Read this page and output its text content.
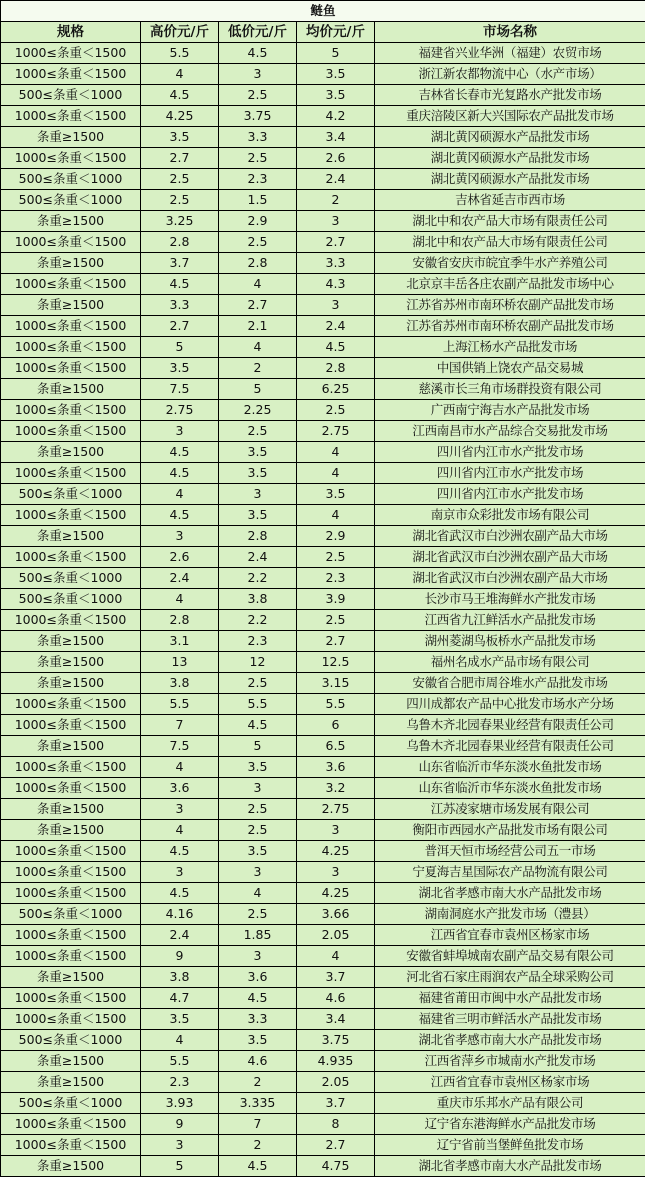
鲢鱼				
规格	高价元/斤	低价元/斤	均价元/斤	市场名称
1000≤条重＜1500	5.5	4.5	5	福建省兴业华洲（福建）农贸市场
1000≤条重＜1500	4	3	3.5	浙江新农都物流中心（水产市场）
500≤条重＜1000	4.5	2.5	3.5	吉林省长春市光复路水产批发市场
1000≤条重＜1500	4.25	3.75	4.2	重庆涪陵区新大兴国际农产品批发市场
条重≥1500	3.5	3.3	3.4	湖北黄冈硕源水产品批发市场
1000≤条重＜1500	2.7	2.5	2.6	湖北黄冈硕源水产品批发市场
500≤条重＜1000	2.5	2.3	2.4	湖北黄冈硕源水产品批发市场
500≤条重＜1000	2.5	1.5	2	吉林省延吉市西市场
条重≥1500	3.25	2.9	3	湖北中和农产品大市场有限责任公司
1000≤条重＜1500	2.8	2.5	2.7	湖北中和农产品大市场有限责任公司
条重≥1500	3.7	2.8	3.3	安徽省安庆市皖宜季牛水产养殖公司
1000≤条重＜1500	4.5	4	4.3	北京京丰岳各庄农副产品批发市场中心
条重≥1500	3.3	2.7	3	江苏省苏州市南环桥农副产品批发市场
1000≤条重＜1500	2.7	2.1	2.4	江苏省苏州市南环桥农副产品批发市场
1000≤条重＜1500	5	4	4.5	上海江杨水产品批发市场
1000≤条重＜1500	3.5	2	2.8	中国供销上饶农产品交易城
条重≥1500	7.5	5	6.25	慈溪市长三角市场群投资有限公司
1000≤条重＜1500	2.75	2.25	2.5	广西南宁海吉水产品批发市场
1000≤条重＜1500	3	2.5	2.75	江西南昌市水产品综合交易批发市场
条重≥1500	4.5	3.5	4	四川省内江市水产批发市场
1000≤条重＜1500	4.5	3.5	4	四川省内江市水产批发市场
500≤条重＜1000	4	3	3.5	四川省内江市水产批发市场
1000≤条重＜1500	4.5	3.5	4	南京市众彩批发市场有限公司
条重≥1500	3	2.8	2.9	湖北省武汉市白沙洲农副产品大市场
1000≤条重＜1500	2.6	2.4	2.5	湖北省武汉市白沙洲农副产品大市场
500≤条重＜1000	2.4	2.2	2.3	湖北省武汉市白沙洲农副产品大市场
500≤条重＜1000	4	3.8	3.9	长沙市马王堆海鲜水产批发市场
1000≤条重＜1500	2.8	2.2	2.5	江西省九江鲜活水产品批发市场
条重≥1500	3.1	2.3	2.7	湖州菱湖鸟板桥水产品批发市场
条重≥1500	13	12	12.5	福州名成水产品市场有限公司
条重≥1500	3.8	2.5	3.15	安徽省合肥市周谷堆水产品批发市场
1000≤条重＜1500	5.5	5.5	5.5	四川成都农产品中心批发市场水产分场
1000≤条重＜1500	7	4.5	6	乌鲁木齐北园春果业经营有限责任公司
条重≥1500	7.5	5	6.5	乌鲁木齐北园春果业经营有限责任公司
1000≤条重＜1500	4	3.5	3.6	山东省临沂市华东淡水鱼批发市场
1000≤条重＜1500	3.6	3	3.2	山东省临沂市华东淡水鱼批发市场
条重≥1500	3	2.5	2.75	江苏凌家塘市场发展有限公司
条重≥1500	4	2.5	3	衡阳市西园水产品批发市场有限公司
1000≤条重＜1500	4.5	3.5	4.25	普洱天恒市场经营公司五一市场
1000≤条重＜1500	3	3	3	宁夏海吉星国际农产品物流有限公司
1000≤条重＜1500	4.5	4	4.25	湖北省孝感市南大水产品批发市场
500≤条重＜1000	4.16	2.5	3.66	湖南洞庭水产批发市场（澧县）
1000≤条重＜1500	2.4	1.85	2.05	江西省宜春市袁州区杨家市场
1000≤条重＜1500	9	3	4	安徽省蚌埠城南农副产品交易有限公司
条重≥1500	3.8	3.6	3.7	河北省石家庄雨润农产品全球采购公司
1000≤条重＜1500	4.7	4.5	4.6	福建省莆田市闽中水产品批发市场
1000≤条重＜1500	3.5	3.3	3.4	福建省三明市鲜活水产品批发市场
500≤条重＜1000	4	3.5	3.75	湖北省孝感市南大水产品批发市场
条重≥1500	5.5	4.6	4.935	江西省萍乡市城南水产批发市场
条重≥1500	2.3	2	2.05	江西省宜春市袁州区杨家市场
500≤条重＜1000	3.93	3.335	3.7	重庆市乐邦水产品有限公司
1000≤条重＜1500	9	7	8	辽宁省东港海鲜水产品批发市场
1000≤条重＜1500	3	2	2.7	辽宁省前当堡鲜鱼批发市场
条重≥1500	5	4.5	4.75	湖北省孝感市南大水产品批发市场
